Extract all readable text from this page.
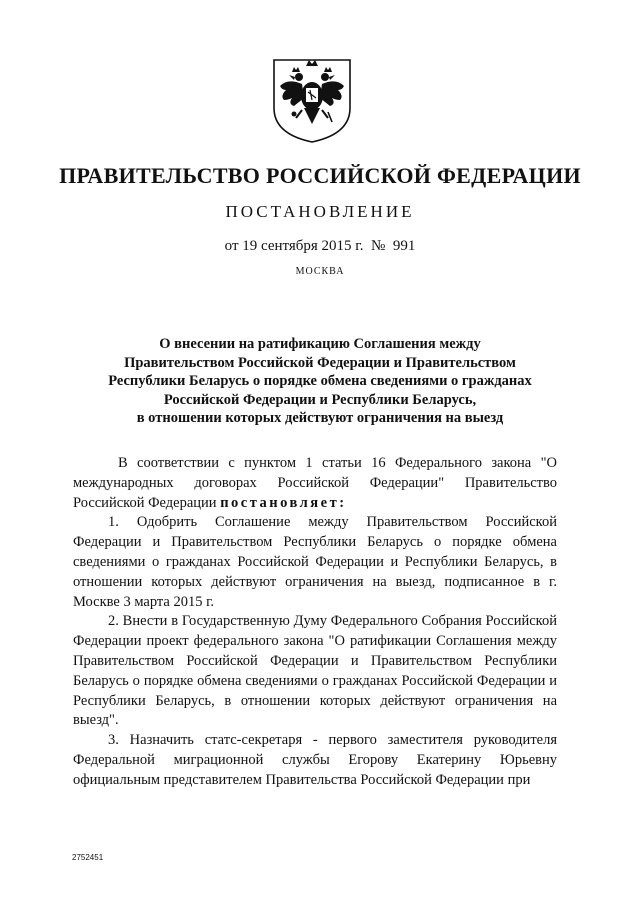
ПРАВИТЕЛЬСТВО РОССИЙСКОЙ ФЕДЕРАЦИИ
ПОСТАНОВЛЕНИЕ
от 19 сентября 2015 г.  №  991
МОСКВА
О внесении на ратификацию Соглашения между
Правительством Российской Федерации и Правительством
Республики Беларусь о порядке обмена сведениями о гражданах
Российской Федерации и Республики Беларусь,
в отношении которых действуют ограничения на выезд

В соответствии с пунктом 1 статьи 16 Федерального закона "О международных договорах Российской Федерации" Правительство Российской Федерации постановляет:

1. Одобрить Соглашение между Правительством Российской Федерации и Правительством Республики Беларусь о порядке обмена сведениями о гражданах Российской Федерации и Республики Беларусь, в отношении которых действуют ограничения на выезд, подписанное в г. Москве 3 марта 2015 г.

2. Внести в Государственную Думу Федерального Собрания Российской Федерации проект федерального закона "О ратификации Соглашения между Правительством Российской Федерации и Правительством Республики Беларусь о порядке обмена сведениями о гражданах Российской Федерации и Республики Беларусь, в отношении которых действуют ограничения на выезд".

3. Назначить статс-секретаря - первого заместителя руководителя Федеральной миграционной службы Егорову Екатерину Юрьевну официальным представителем Правительства Российской Федерации при

2752451
